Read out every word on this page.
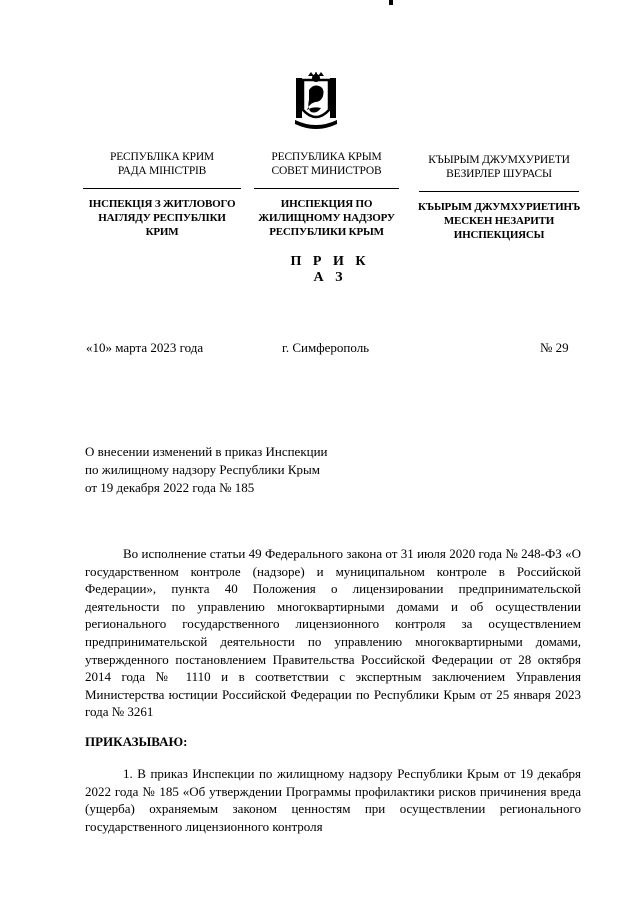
РЕСПУБЛІКА КРИМ
РАДА МІНІСТРІВ
ІНСПЕКЦІЯ З ЖИТЛОВОГО
НАГЛЯДУ РЕСПУБЛІКИ
КРИМ
РЕСПУБЛИКА КРЫМ
СОВЕТ МИНИСТРОВ
ИНСПЕКЦИЯ ПО
ЖИЛИЩНОМУ НАДЗОРУ
РЕСПУБЛИКИ КРЫМ
КЪЫРЫМ ДЖУМХУРИЕТИ
ВЕЗИРЛЕР ШУРАСЫ
КЪЫРЫМ ДЖУМХУРИЕТИНЪ
МЕСКЕН НЕЗАРИТИ
ИНСПЕКЦИЯСЫ
П Р И К А З
«10» марта 2023 года	г. Симферополь	№ 29
О внесении изменений в приказ Инспекции
по жилищному надзору Республики Крым
от 19 декабря 2022 года № 185
Во исполнение статьи 49 Федерального закона от 31 июля 2020 года № 248-ФЗ «О государственном контроле (надзоре) и муниципальном контроле в Российской Федерации», пункта 40 Положения о лицензировании предпринимательской деятельности по управлению многоквартирными домами и об осуществлении регионального государственного лицензионного контроля за осуществлением предпринимательской деятельности по управлению многоквартирными домами, утвержденного постановлением Правительства Российской Федерации от 28 октября 2014 года № 1110 и в соответствии с экспертным заключением Управления Министерства юстиции Российской Федерации по Республики Крым от 25 января 2023 года № 3261
ПРИКАЗЫВАЮ:
1. В приказ Инспекции по жилищному надзору Республики Крым от 19 декабря 2022 года № 185 «Об утверждении Программы профилактики рисков причинения вреда (ущерба) охраняемым законом ценностям при осуществлении регионального государственного лицензионного контроля
